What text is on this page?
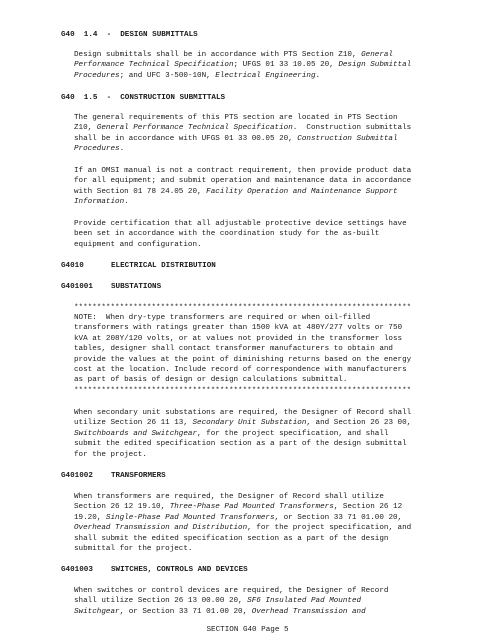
G40  1.4  -  DESIGN SUBMITTALS
Design submittals shall be in accordance with PTS Section Z10, General
Performance Technical Specification; UFGS 01 33 10.05 20, Design Submittal
Procedures; and UFC 3-500-10N, Electrical Engineering.
G40  1.5  -  CONSTRUCTION SUBMITTALS
The general requirements of this PTS section are located in PTS Section
Z10, General Performance Technical Specification.  Construction submittals
shall be in accordance with UFGS 01 33 00.05 20, Construction Submittal
Procedures.
If an OMSI manual is not a contract requirement, then provide product data
for all equipment; and submit operation and maintenance data in accordance
with Section 01 78 24.05 20, Facility Operation and Maintenance Support
Information.
Provide certification that all adjustable protective device settings have
been set in accordance with the coordination study for the as-built
equipment and configuration.
G4010	ELECTRICAL DISTRIBUTION
G401001 SUBSTATIONS
**************************************************************************
NOTE:  When dry-type transformers are required or when oil-filled
transformers with ratings greater than 1500 kVA at 480Y/277 volts or 750
kVA at 208Y/120 volts, or at values not provided in the transformer loss
tables, designer shall contact transformer manufacturers to obtain and
provide the values at the point of diminishing returns based on the energy
cost at the location. Include record of correspondence with manufacturers
as part of basis of design or design calculations submittal.
**************************************************************************
When secondary unit substations are required, the Designer of Record shall
utilize Section 26 11 13, Secondary Unit Substation, and Section 26 23 00,
Switchboards and Switchgear, for the project specification, and shall
submit the edited specification section as a part of the design submittal
for the project.
G401002 TRANSFORMERS
When transformers are required, the Designer of Record shall utilize
Section 26 12 19.10, Three-Phase Pad Mounted Transformers, Section 26 12
19.20, Single-Phase Pad Mounted Transformers, or Section 33 71 01.00 20,
Overhead Transmission and Distribution, for the project specification, and
shall submit the edited specification section as a part of the design
submittal for the project.
G401003 SWITCHES, CONTROLS AND DEVICES
When switches or control devices are required, the Designer of Record
shall utilize Section 26 13 00.00 20, SF6 Insulated Pad Mounted
Switchgear, or Section 33 71 01.00 20, Overhead Transmission and
SECTION G40 Page 5
